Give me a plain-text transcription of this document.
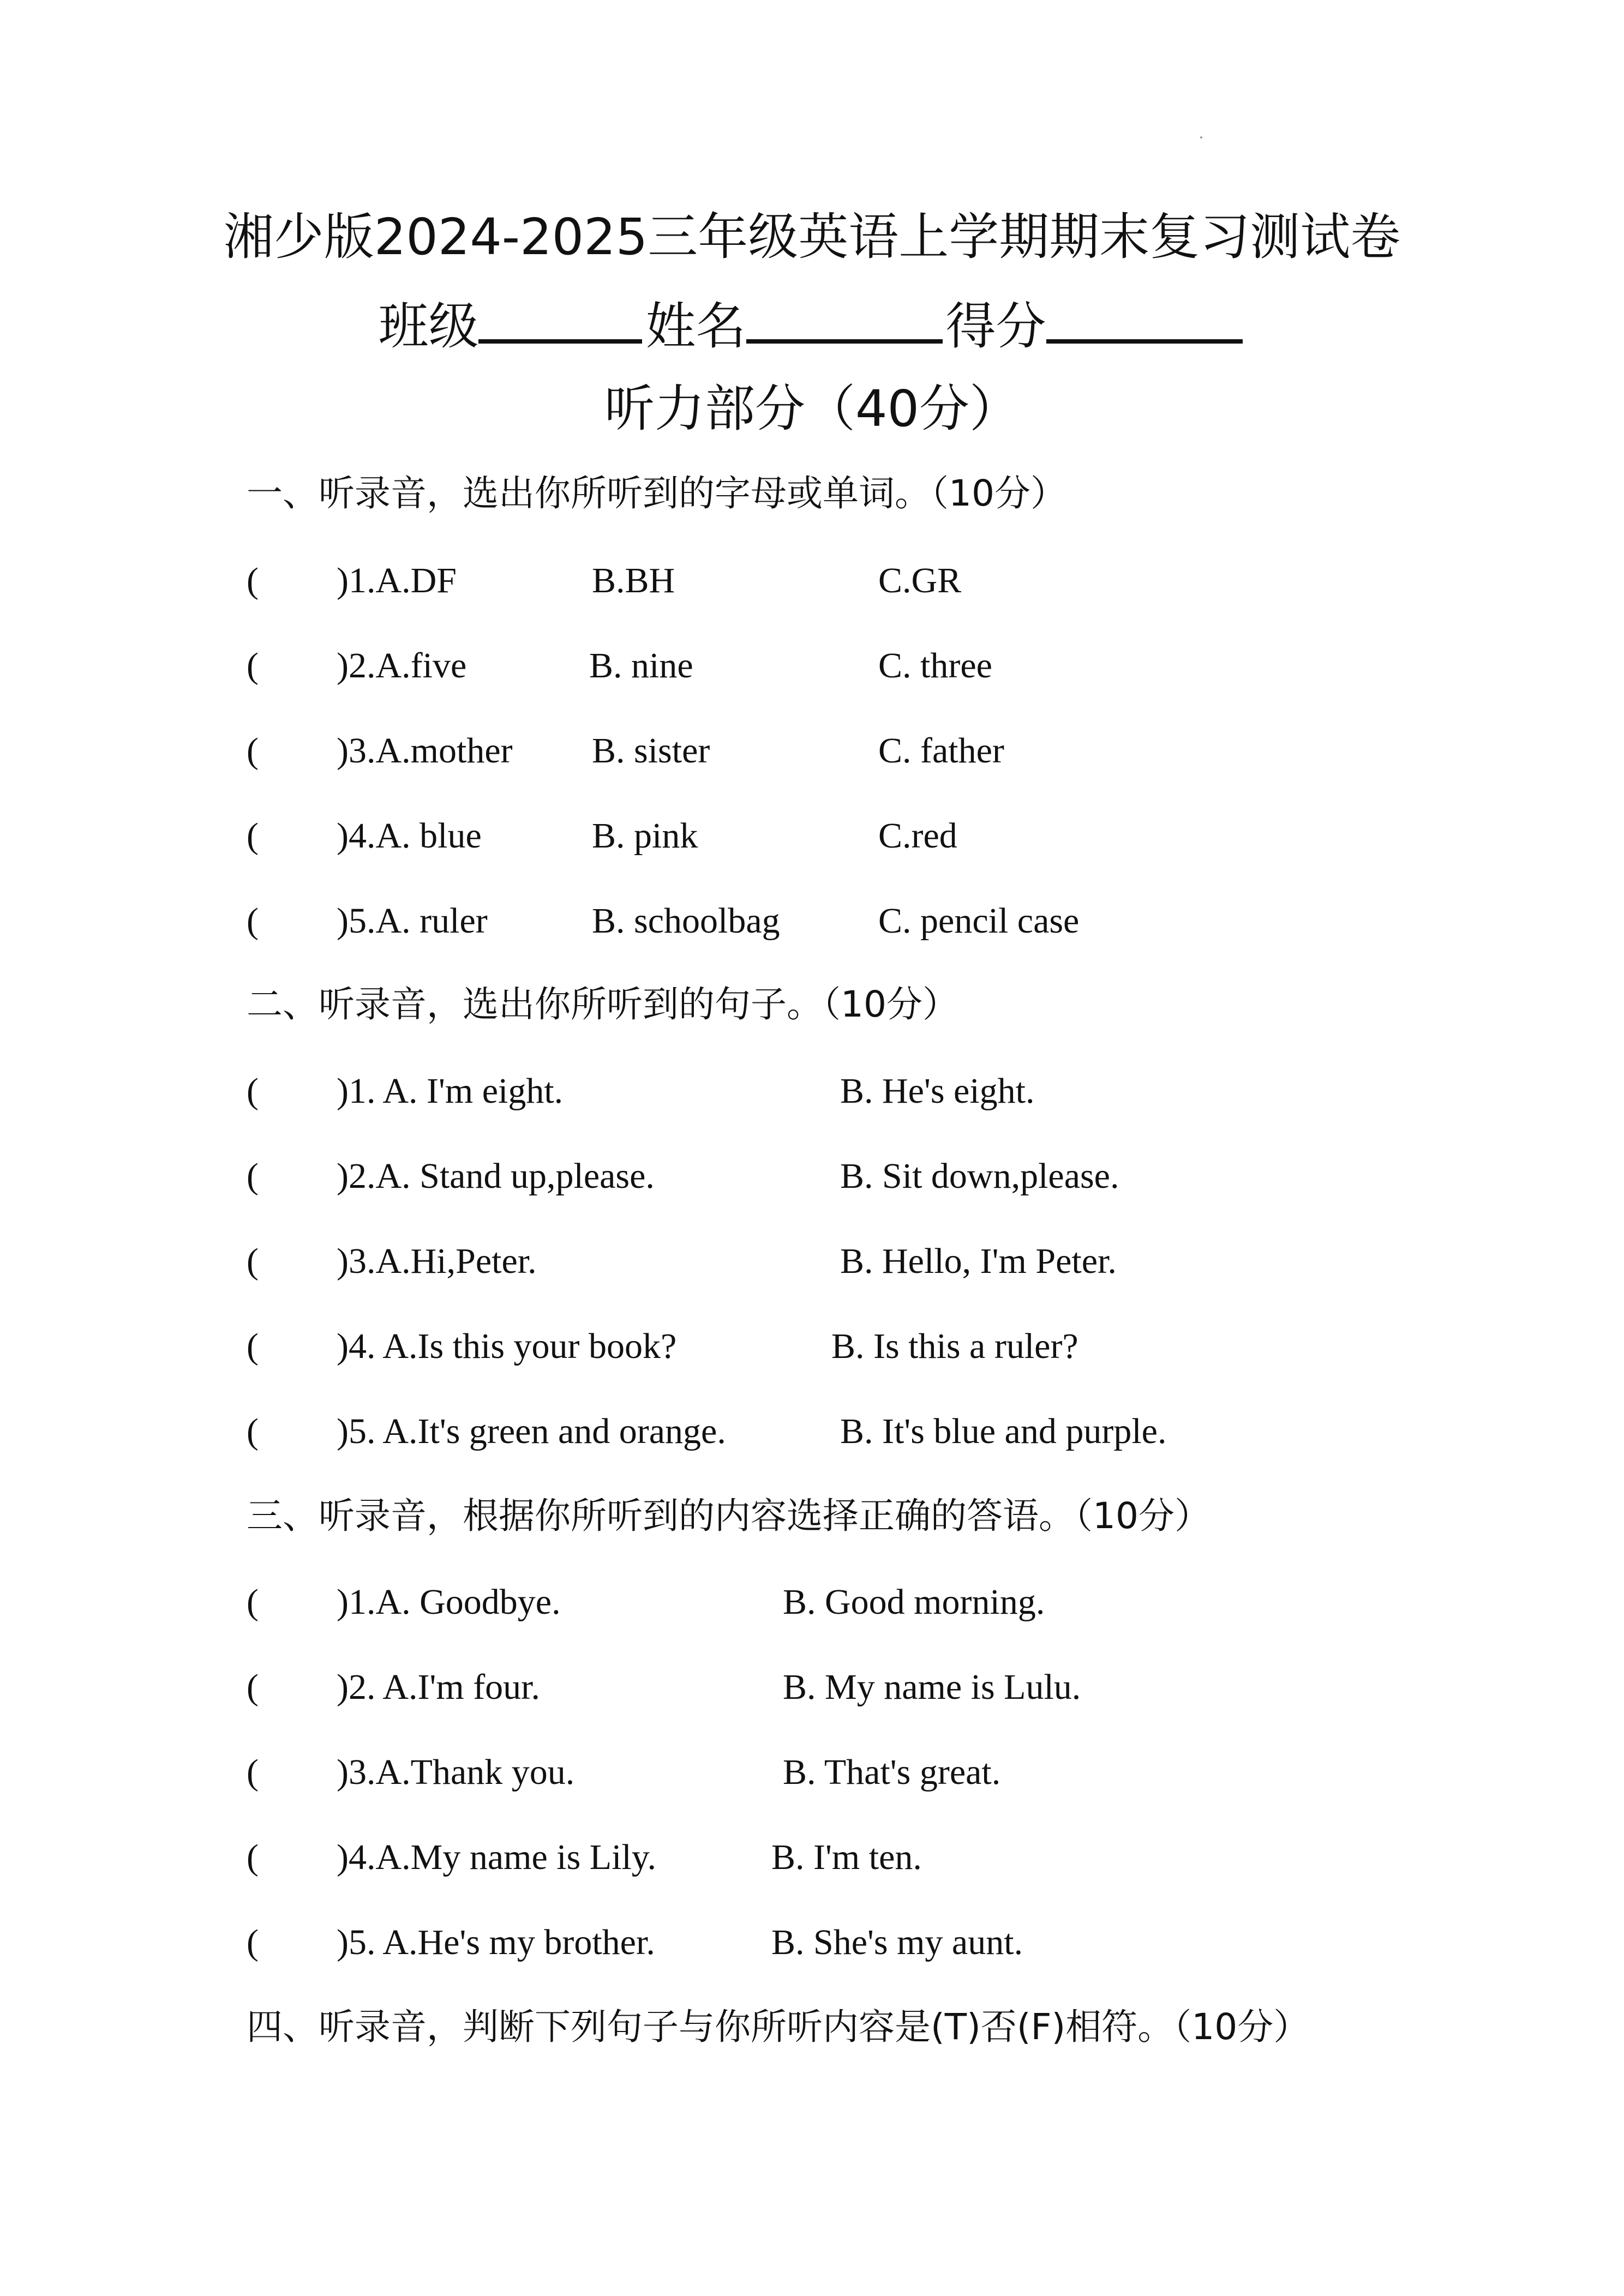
湘少版2024-2025三年级英语上学期期末复习测试卷
班级	姓名	得分
听力部分（40分）
一、听录音，选出你所听到的字母或单词。（10分）
( )1.A.DF	B.BH	C.GR
( )2.A.five	B. nine	C. three
( )3.A.mother B. sister	C. father
( )4.A. blue	B. pink	C.red
( )5.A. ruler	B. schoolbag	C. pencil case
二、听录音，选出你所听到的句子。（10分）
( )1. A. I'm eight.	B. He's eight.
( )2.A. Stand up,please.	B. Sit down,please.
( )3.A.Hi,Peter.	B. Hello, I'm Peter.
( )4. A.Is this your book?	B. Is this a ruler?
( )5. A.It's green and orange.	B. It's blue and purple.
三、听录音，根据你所听到的内容选择正确的答语。（10分）
( )1.A. Goodbye.	B. Good morning.
( )2. A.I'm four.	B. My name is Lulu.
( )3.A.Thank you.	B. That's great.
( )4.A.My name is Lily.	B. I'm ten.
( )5. A.He's my brother.	B. She's my aunt.
四、听录音，判断下列句子与你所听内容是(T)否(F)相符。（10分）
